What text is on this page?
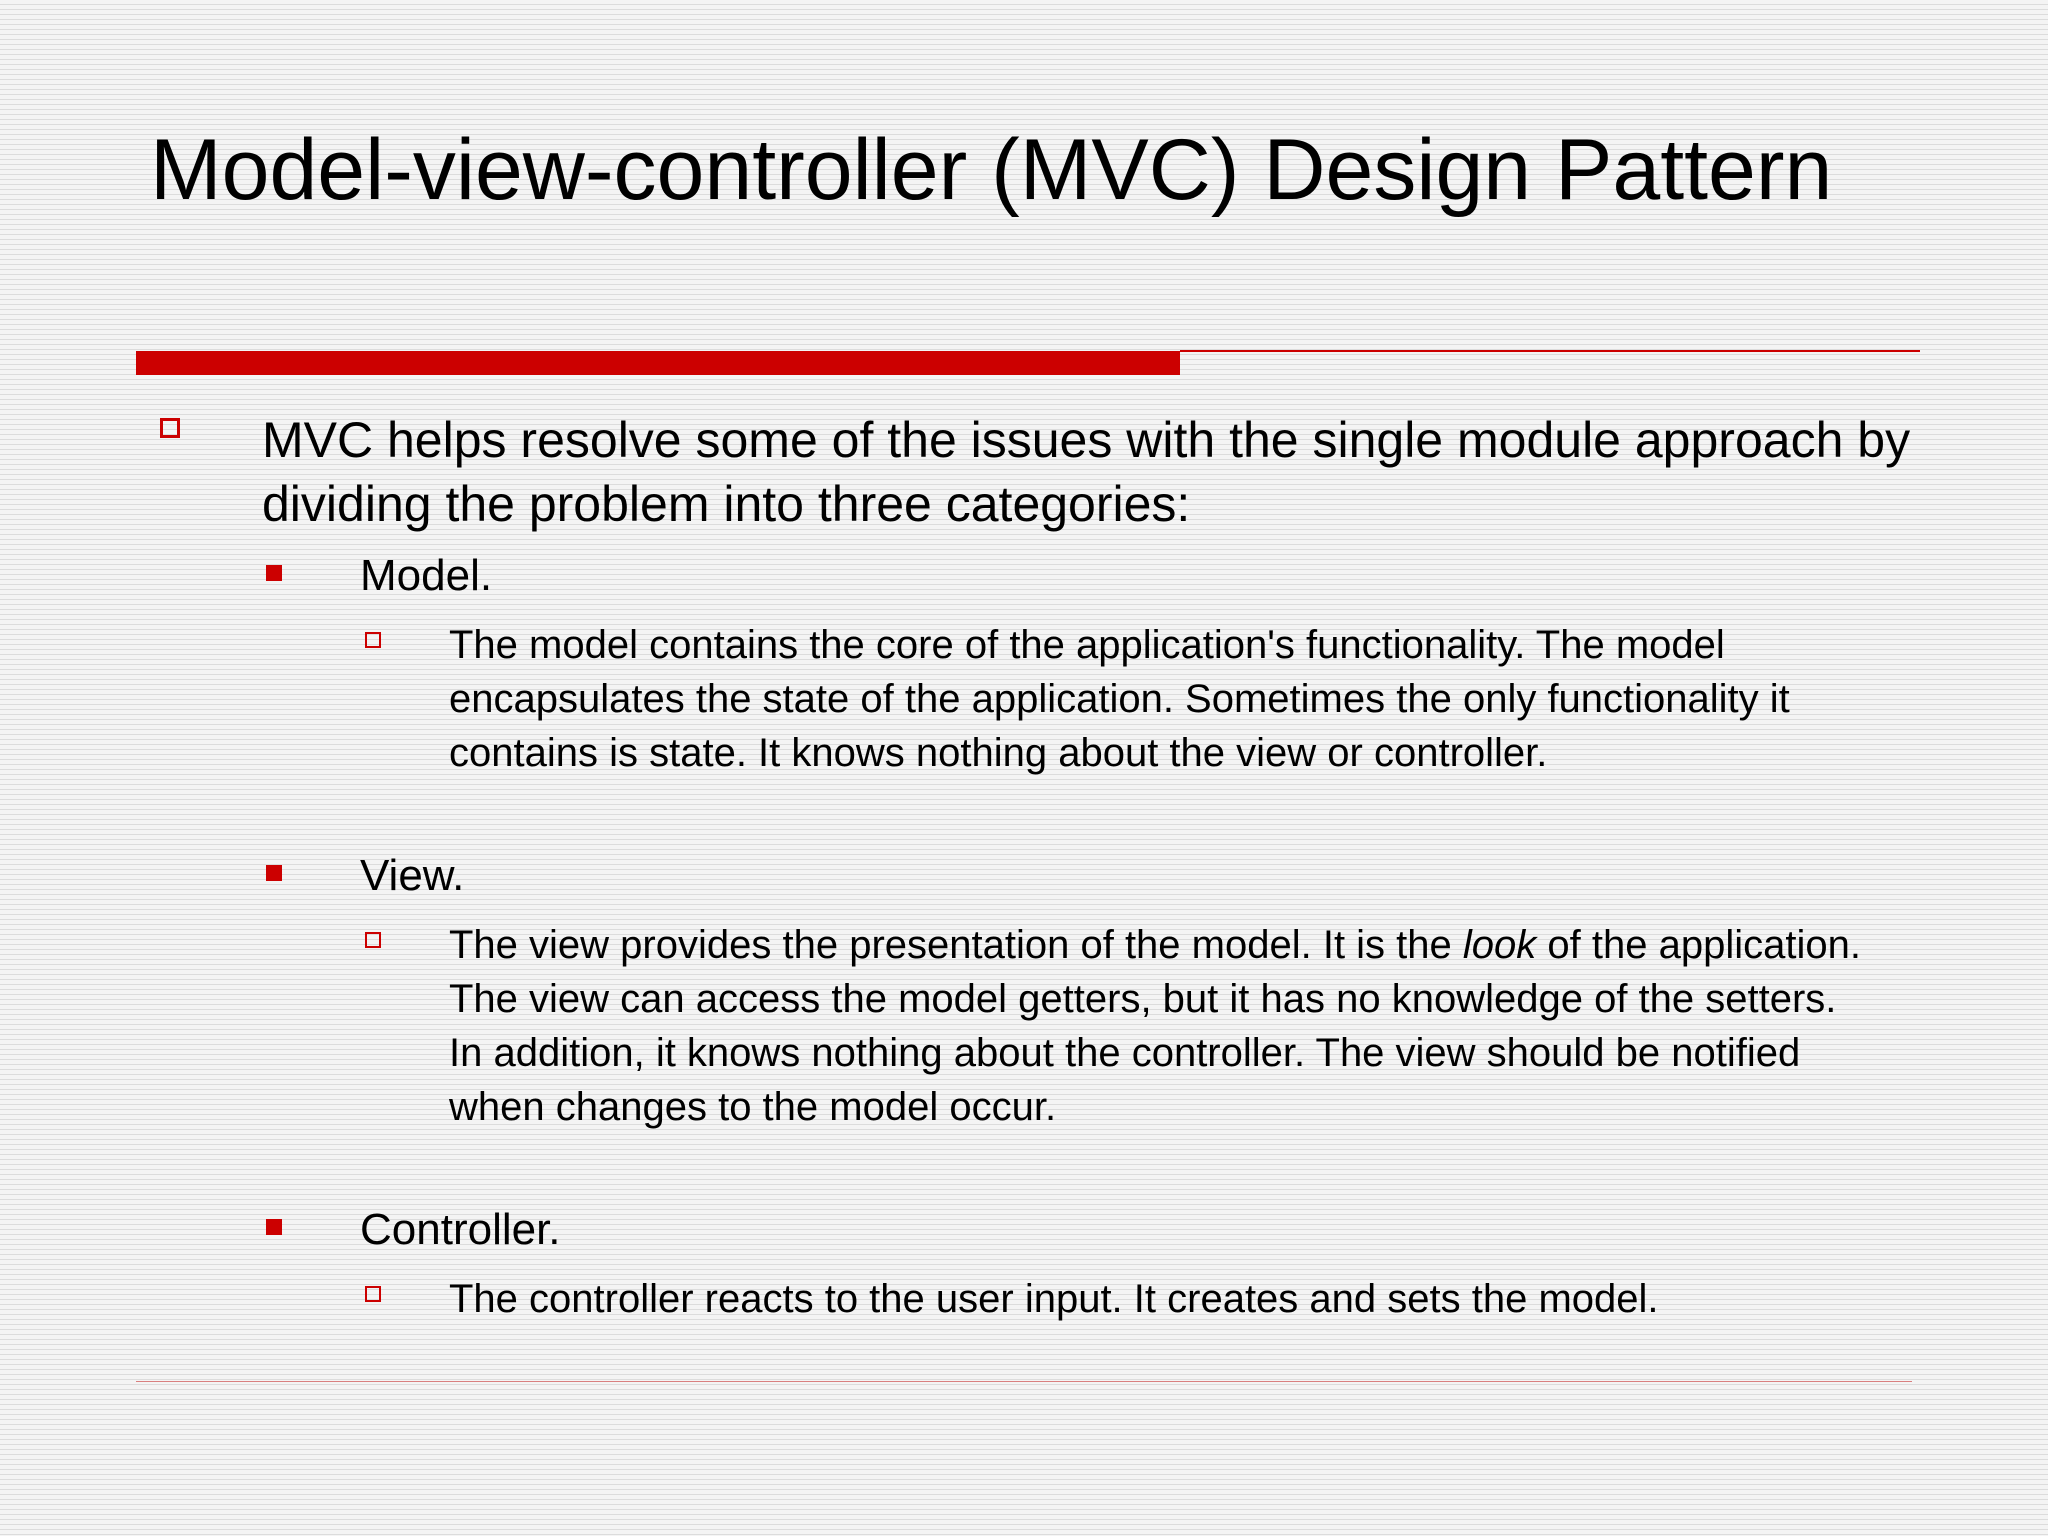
Model-view-controller (MVC) Design Pattern
MVC helps resolve some of the issues with the single module approach by dividing the problem into three categories:
Model.
The model contains the core of the application's functionality. The model encapsulates the state of the application. Sometimes the only functionality it contains is state. It knows nothing about the view or controller.
View.
The view provides the presentation of the model. It is the look of the application. The view can access the model getters, but it has no knowledge of the setters. In addition, it knows nothing about the controller. The view should be notified when changes to the model occur.
Controller.
The controller reacts to the user input. It creates and sets the model.
